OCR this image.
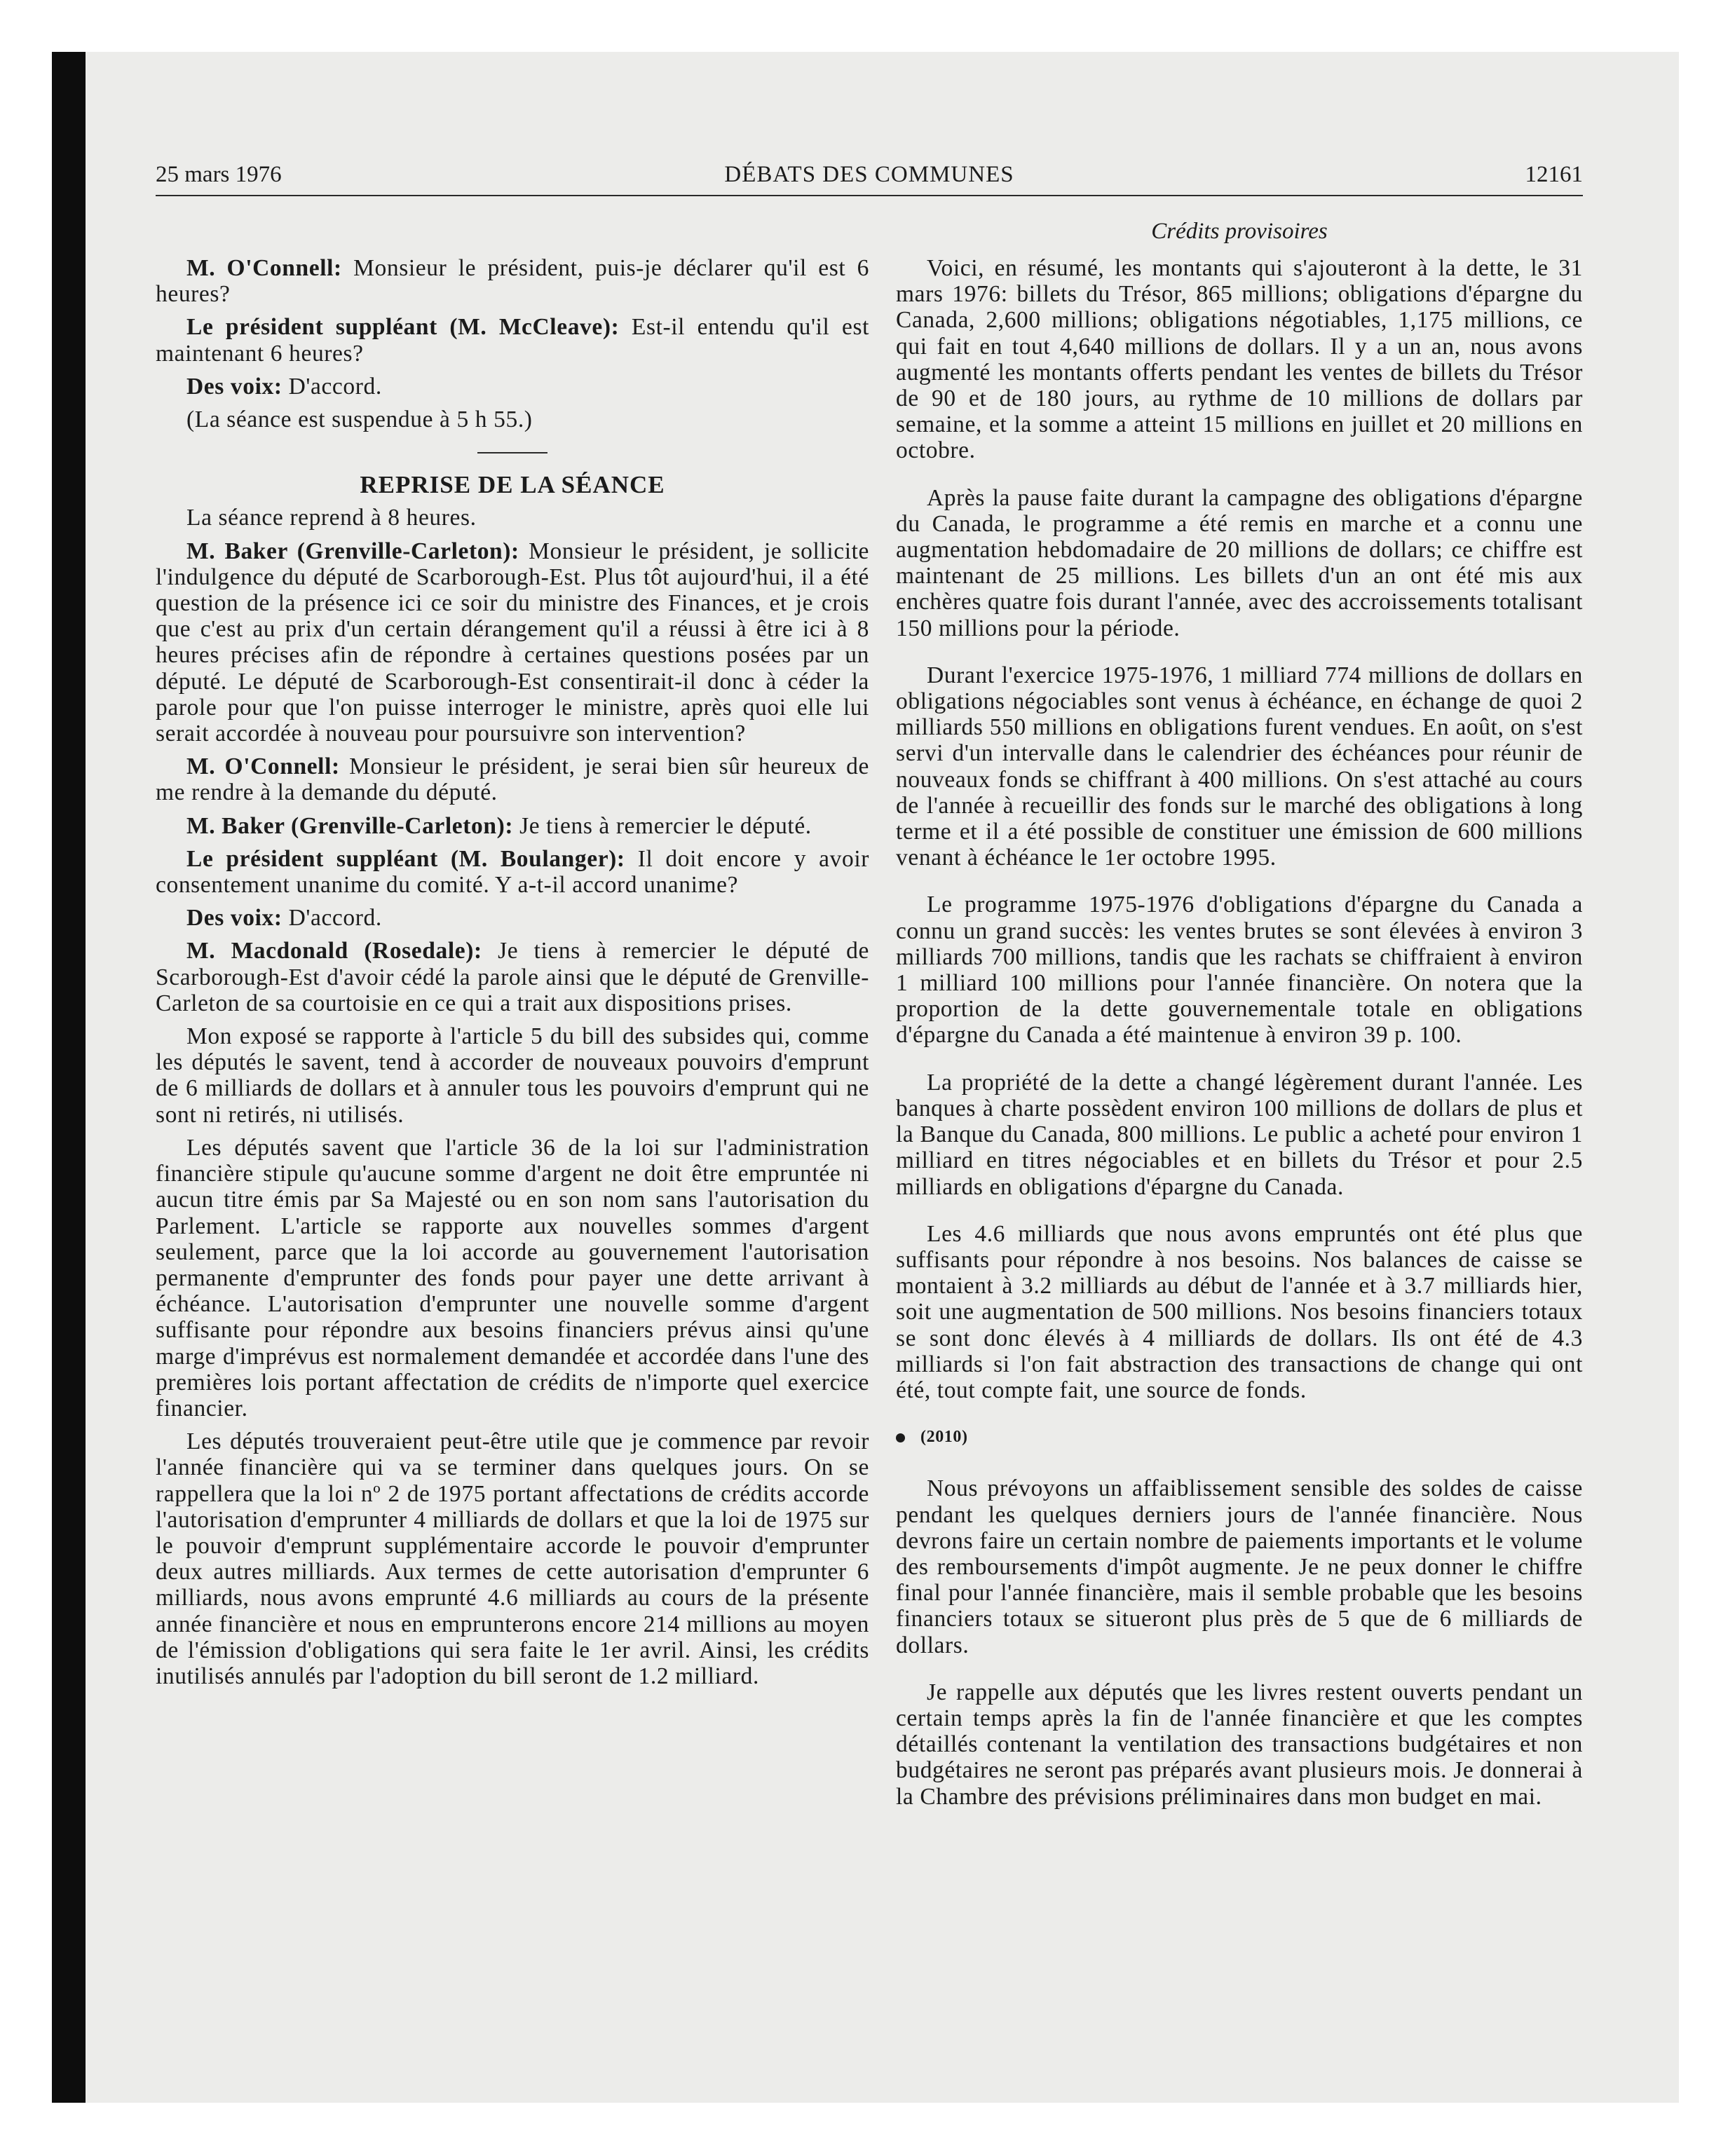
25 mars 1976	DÉBATS DES COMMUNES	12161
Crédits provisoires

M. O'Connell: Monsieur le président, puis-je déclarer qu'il est 6 heures?

Le président suppléant (M. McCleave): Est-il entendu qu'il est maintenant 6 heures?

Des voix: D'accord.

(La séance est suspendue à 5 h 55.)

REPRISE DE LA SÉANCE

La séance reprend à 8 heures.

M. Baker (Grenville-Carleton): Monsieur le président, je sollicite l'indulgence du député de Scarborough-Est. Plus tôt aujourd'hui, il a été question de la présence ici ce soir du ministre des Finances, et je crois que c'est au prix d'un certain dérangement qu'il a réussi à être ici à 8 heures précises afin de répondre à certaines questions posées par un député. Le député de Scarborough-Est consentirait-il donc à céder la parole pour que l'on puisse interroger le ministre, après quoi elle lui serait accordée à nouveau pour poursuivre son intervention?

M. O'Connell: Monsieur le président, je serai bien sûr heureux de me rendre à la demande du député.

M. Baker (Grenville-Carleton): Je tiens à remercier le député.

Le président suppléant (M. Boulanger): Il doit encore y avoir consentement unanime du comité. Y a-t-il accord unanime?

Des voix: D'accord.

M. Macdonald (Rosedale): Je tiens à remercier le député de Scarborough-Est d'avoir cédé la parole ainsi que le député de Grenville-Carleton de sa courtoisie en ce qui a trait aux dispositions prises.

Mon exposé se rapporte à l'article 5 du bill des subsides qui, comme les députés le savent, tend à accorder de nouveaux pouvoirs d'emprunt de 6 milliards de dollars et à annuler tous les pouvoirs d'emprunt qui ne sont ni retirés, ni utilisés.

Les députés savent que l'article 36 de la loi sur l'administration financière stipule qu'aucune somme d'argent ne doit être empruntée ni aucun titre émis par Sa Majesté ou en son nom sans l'autorisation du Parlement. L'article se rapporte aux nouvelles sommes d'argent seulement, parce que la loi accorde au gouvernement l'autorisation permanente d'emprunter des fonds pour payer une dette arrivant à échéance. L'autorisation d'emprunter une nouvelle somme d'argent suffisante pour répondre aux besoins financiers prévus ainsi qu'une marge d'imprévus est normalement demandée et accordée dans l'une des premières lois portant affectation de crédits de n'importe quel exercice financier.

Les députés trouveraient peut-être utile que je commence par revoir l'année financière qui va se terminer dans quelques jours. On se rappellera que la loi nº 2 de 1975 portant affectations de crédits accorde l'autorisation d'emprunter 4 milliards de dollars et que la loi de 1975 sur le pouvoir d'emprunt supplémentaire accorde le pouvoir d'emprunter deux autres milliards. Aux termes de cette autorisation d'emprunter 6 milliards, nous avons emprunté 4.6 milliards au cours de la présente année financière et nous en emprunterons encore 214 millions au moyen de l'émission d'obligations qui sera faite le 1er avril. Ainsi, les crédits inutilisés annulés par l'adoption du bill seront de 1.2 milliard.

Voici, en résumé, les montants qui s'ajouteront à la dette, le 31 mars 1976: billets du Trésor, 865 millions; obligations d'épargne du Canada, 2,600 millions; obligations négotiables, 1,175 millions, ce qui fait en tout 4,640 millions de dollars. Il y a un an, nous avons augmenté les montants offerts pendant les ventes de billets du Trésor de 90 et de 180 jours, au rythme de 10 millions de dollars par semaine, et la somme a atteint 15 millions en juillet et 20 millions en octobre.

Après la pause faite durant la campagne des obligations d'épargne du Canada, le programme a été remis en marche et a connu une augmentation hebdomadaire de 20 millions de dollars; ce chiffre est maintenant de 25 millions. Les billets d'un an ont été mis aux enchères quatre fois durant l'année, avec des accroissements totalisant 150 millions pour la période.

Durant l'exercice 1975-1976, 1 milliard 774 millions de dollars en obligations négociables sont venus à échéance, en échange de quoi 2 milliards 550 millions en obligations furent vendues. En août, on s'est servi d'un intervalle dans le calendrier des échéances pour réunir de nouveaux fonds se chiffrant à 400 millions. On s'est attaché au cours de l'année à recueillir des fonds sur le marché des obligations à long terme et il a été possible de constituer une émission de 600 millions venant à échéance le 1er octobre 1995.

Le programme 1975-1976 d'obligations d'épargne du Canada a connu un grand succès: les ventes brutes se sont élevées à environ 3 milliards 700 millions, tandis que les rachats se chiffraient à environ 1 milliard 100 millions pour l'année financière. On notera que la proportion de la dette gouvernementale totale en obligations d'épargne du Canada a été maintenue à environ 39 p. 100.

La propriété de la dette a changé légèrement durant l'année. Les banques à charte possèdent environ 100 millions de dollars de plus et la Banque du Canada, 800 millions. Le public a acheté pour environ 1 milliard en titres négociables et en billets du Trésor et pour 2.5 milliards en obligations d'épargne du Canada.

Les 4.6 milliards que nous avons empruntés ont été plus que suffisants pour répondre à nos besoins. Nos balances de caisse se montaient à 3.2 milliards au début de l'année et à 3.7 milliards hier, soit une augmentation de 500 millions. Nos besoins financiers totaux se sont donc élevés à 4 milliards de dollars. Ils ont été de 4.3 milliards si l'on fait abstraction des transactions de change qui ont été, tout compte fait, une source de fonds.

(2010)

Nous prévoyons un affaiblissement sensible des soldes de caisse pendant les quelques derniers jours de l'année financière. Nous devrons faire un certain nombre de paiements importants et le volume des remboursements d'impôt augmente. Je ne peux donner le chiffre final pour l'année financière, mais il semble probable que les besoins financiers totaux se situeront plus près de 5 que de 6 milliards de dollars.

Je rappelle aux députés que les livres restent ouverts pendant un certain temps après la fin de l'année financière et que les comptes détaillés contenant la ventilation des transactions budgétaires et non budgétaires ne seront pas préparés avant plusieurs mois. Je donnerai à la Chambre des prévisions préliminaires dans mon budget en mai.
